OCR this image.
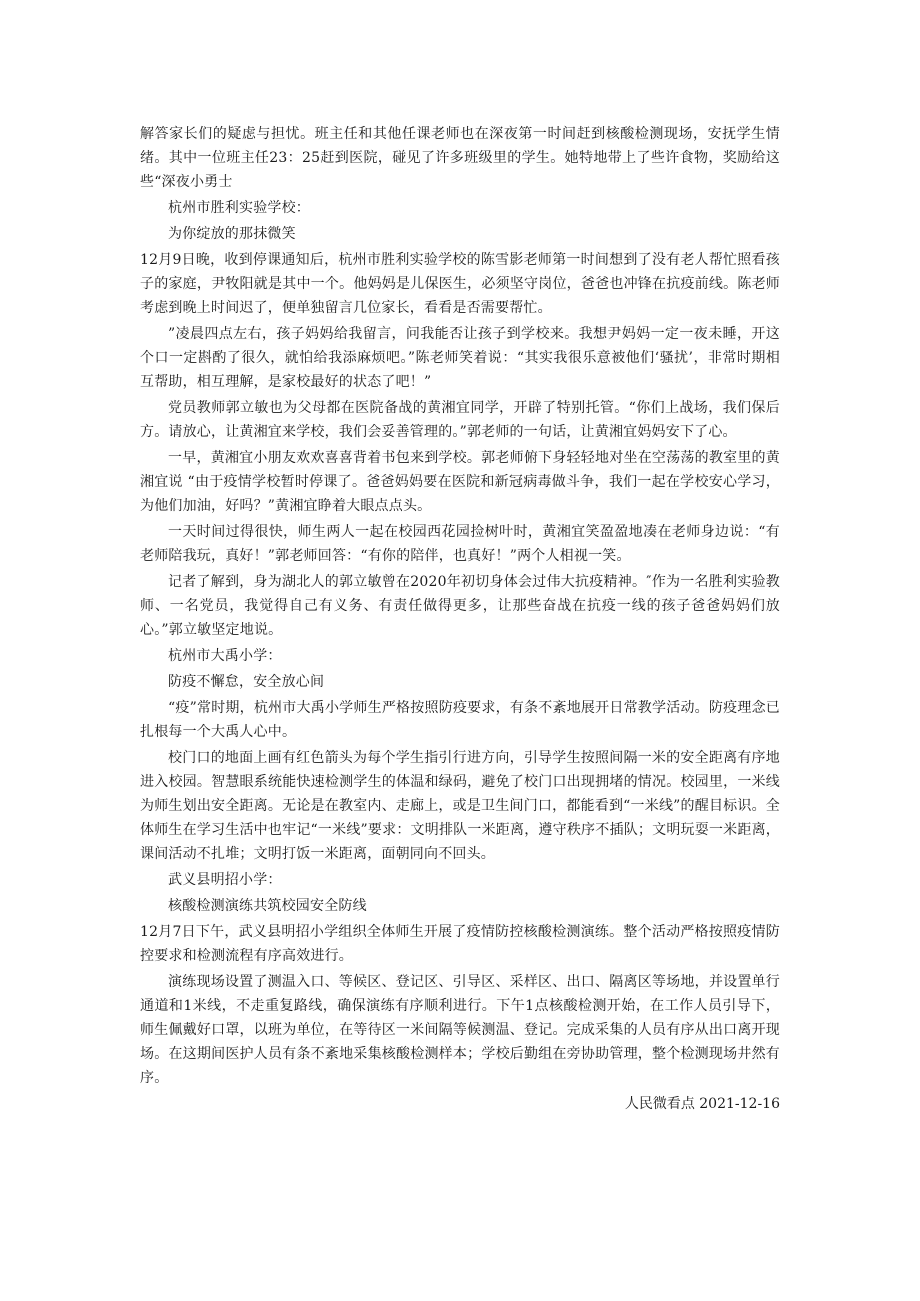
解答家长们的疑虑与担忧。班主任和其他任课老师也在深夜第一时间赶到核酸检测现场，安抚学生情绪。其中一位班主任23：25赶到医院，碰见了许多班级里的学生。她特地带上了些许食物，奖励给这些“深夜小勇士

杭州市胜利实验学校：

为你绽放的那抹微笑

12月9日晚，收到停课通知后，杭州市胜利实验学校的陈雪影老师第一时间想到了没有老人帮忙照看孩子的家庭，尹牧阳就是其中一个。他妈妈是儿保医生，必须坚守岗位，爸爸也冲锋在抗疫前线。陈老师考虑到晚上时间迟了，便单独留言几位家长，看看是否需要帮忙。

”凌晨四点左右，孩子妈妈给我留言，问我能否让孩子到学校来。我想尹妈妈一定一夜未睡，开这个口一定斟酌了很久，就怕给我添麻烦吧。”陈老师笑着说：“其实我很乐意被他们‘骚扰’，非常时期相互帮助，相互理解，是家校最好的状态了吧！”

党员教师郭立敏也为父母都在医院备战的黄湘宜同学，开辟了特别托管。“你们上战场，我们保后方。请放心，让黄湘宜来学校，我们会妥善管理的。”郭老师的一句话，让黄湘宜妈妈安下了心。

一早，黄湘宜小朋友欢欢喜喜背着书包来到学校。郭老师俯下身轻轻地对坐在空荡荡的教室里的黄湘宜说 “由于疫情学校暂时停课了。爸爸妈妈要在医院和新冠病毒做斗争，我们一起在学校安心学习，为他们加油，好吗？”黄湘宜睁着大眼点点头。

一天时间过得很快，师生两人一起在校园西花园捡树叶时，黄湘宜笑盈盈地凑在老师身边说：“有老师陪我玩，真好！”郭老师回答：“有你的陪伴，也真好！”两个人相视一笑。

记者了解到，身为湖北人的郭立敏曾在2020年初切身体会过伟大抗疫精神。″作为一名胜利实验教师、一名党员，我觉得自己有义务、有责任做得更多，让那些奋战在抗疫一线的孩子爸爸妈妈们放心。”郭立敏坚定地说。

杭州市大禹小学：

防疫不懈怠，安全放心间

“疫”常时期，杭州市大禹小学师生严格按照防疫要求，有条不紊地展开日常教学活动。防疫理念已扎根每一个大禹人心中。

校门口的地面上画有红色箭头为每个学生指引行进方向，引导学生按照间隔一米的安全距离有序地进入校园。智慧眼系统能快速检测学生的体温和绿码，避免了校门口出现拥堵的情况。校园里，一米线为师生划出安全距离。无论是在教室内、走廊上，或是卫生间门口，都能看到“一米线”的醒目标识。全体师生在学习生活中也牢记“一米线”要求：文明排队一米距离，遵守秩序不插队；文明玩耍一米距离，课间活动不扎堆；文明打饭一米距离，面朝同向不回头。

武义县明招小学：

核酸检测演练共筑校园安全防线

12月7日下午，武义县明招小学组织全体师生开展了疫情防控核酸检测演练。整个活动严格按照疫情防控要求和检测流程有序高效进行。

演练现场设置了测温入口、等候区、登记区、引导区、采样区、出口、隔离区等场地，并设置单行通道和1米线，不走重复路线，确保演练有序顺利进行。下午1点核酸检测开始，在工作人员引导下，师生佩戴好口罩，以班为单位，在等待区一米间隔等候测温、登记。完成采集的人员有序从出口离开现场。在这期间医护人员有条不紊地采集核酸检测样本；学校后勤组在旁协助管理，整个检测现场井然有序。

人民微看点 2021-12-16
